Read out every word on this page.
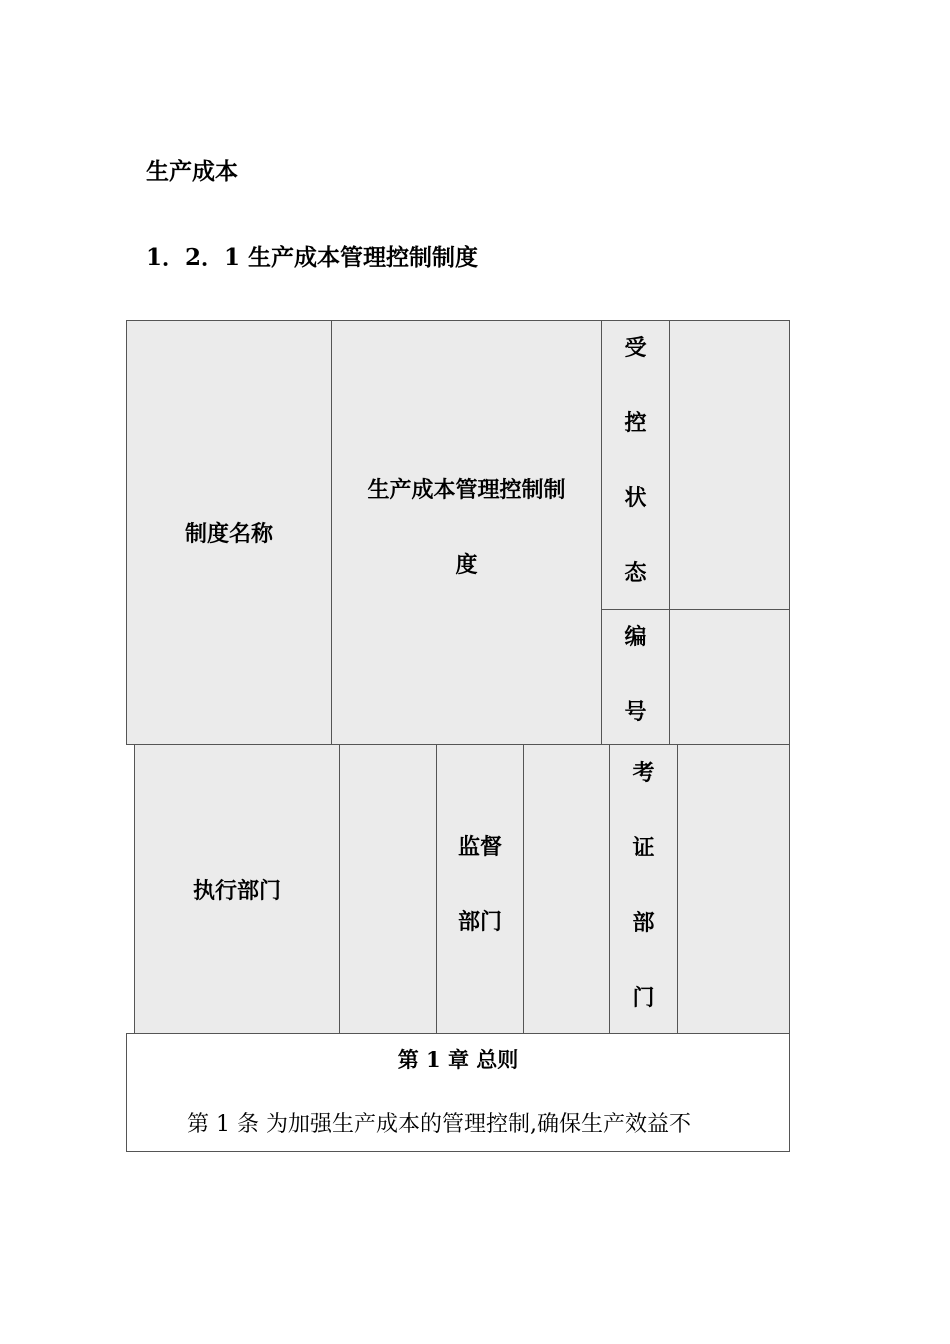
生产成本
1．2．1 生产成本管理控制制度
制度名称
生产成本管理控制制
度
受
控
状
态
编
号
执行部门
监督
部门
考
证
部
门
第 1 章 总则
第 1 条 为加强生产成本的管理控制,确保生产效益不
